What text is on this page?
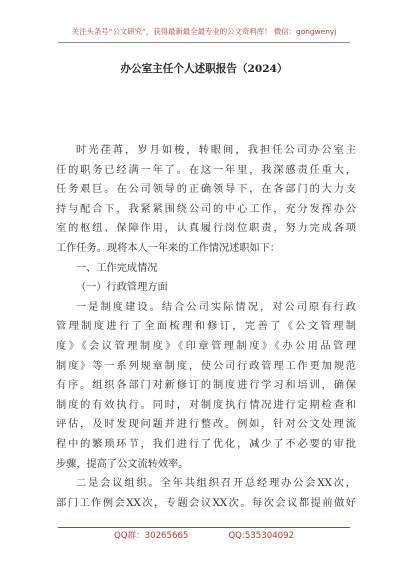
关注头条号“公文研究”，获得最新最全最专业的公文资料库！ 微信：gongwenyj
办公室主任个人述职报告（2024）
时光荏苒，岁月如梭，转眼间，我担任公司办公室主
任的职务已经满一年了。在这一年里，我深感责任重大，
任务艰巨。在公司领导的正确领导下，在各部门的大力支
持与配合下，我紧紧围绕公司的中心工作，充分发挥办公
室的枢纽、保障作用，认真履行岗位职责，努力完成各项
工作任务。现将本人一年来的工作情况述职如下：
一、工作完成情况
（一）行政管理方面
一是制度建设。结合公司实际情况，对公司原有行政
管理制度进行了全面梳理和修订，完善了《公文管理制
度》《会议管理制度》《印章管理制度》《办公用品管理
制度》等一系列规章制度，使公司行政管理工作更加规范
有序。组织各部门对新修订的制度进行学习和培训，确保
制度的有效执行。同时，对制度执行情况进行定期检查和
评估，及时发现问题并进行整改。例如，针对公文处理流
程中的繁琐环节，我们进行了优化，减少了不必要的审批
步骤，提高了公文流转效率。
二是会议组织。全年共组织召开总经理办公会XX次，
部门工作例会XX次，专题会议XX次。每次会议都提前做好
QQ群：30265665	QQ:535304092
